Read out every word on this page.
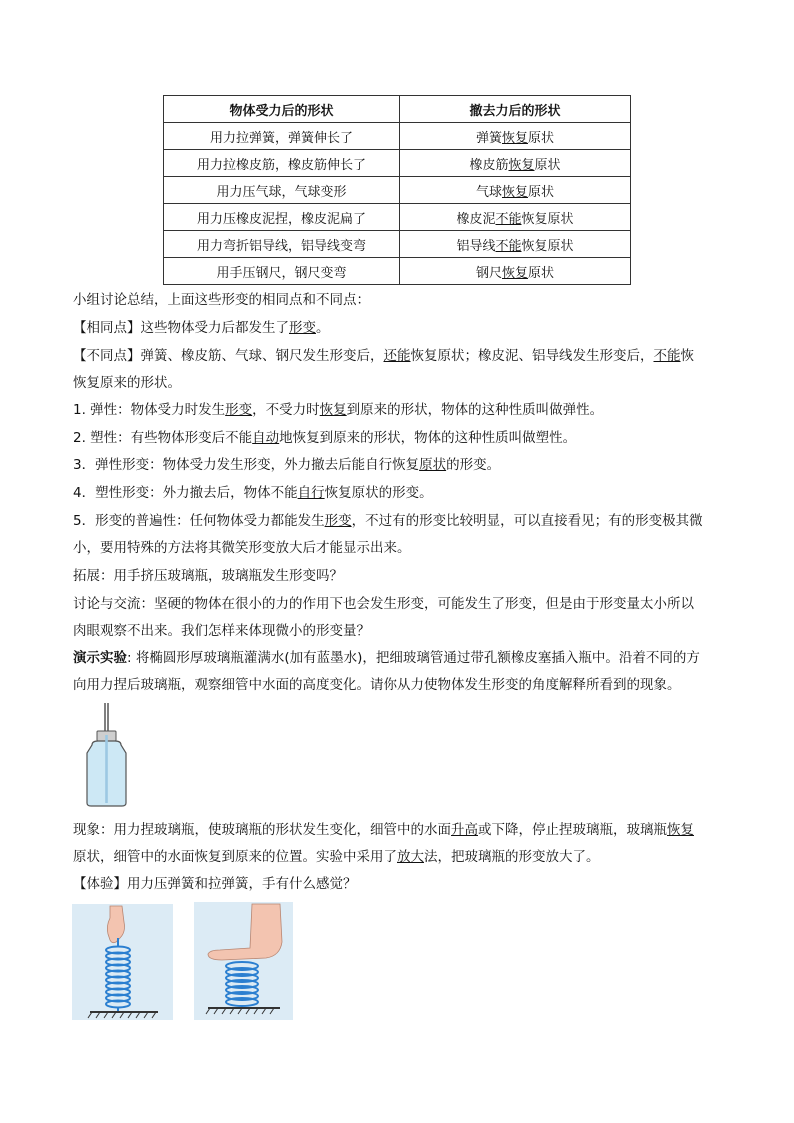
物体受力后的形状	撤去力后的形状
用力拉弹簧，弹簧伸长了	弹簧恢复原状
用力拉橡皮筋，橡皮筋伸长了	橡皮筋恢复原状
用力压气球，气球变形	气球恢复原状
用力压橡皮泥捏，橡皮泥扁了	橡皮泥不能恢复原状
用力弯折铝导线，铝导线变弯	铝导线不能恢复原状
用手压钢尺，钢尺变弯	钢尺恢复原状

小组讨论总结，上面这些形变的相同点和不同点：

【相同点】这些物体受力后都发生了形变。

【不同点】弹簧、橡皮筋、气球、钢尺发生形变后，还能恢复原状；橡皮泥、铝导线发生形变后，不能恢
恢复原来的形状。

1. 弹性：物体受力时发生形变，不受力时恢复到原来的形状，物体的这种性质叫做弹性。

2. 塑性：有些物体形变后不能自动地恢复到原来的形状，物体的这种性质叫做塑性。

3．弹性形变：物体受力发生形变，外力撤去后能自行恢复原状的形变。

4．塑性形变：外力撤去后，物体不能自行恢复原状的形变。

5．形变的普遍性：任何物体受力都能发生形变，不过有的形变比较明显，可以直接看见；有的形变极其微
小，要用特殊的方法将其微笑形变放大后才能显示出来。

拓展：用手挤压玻璃瓶，玻璃瓶发生形变吗？

讨论与交流：坚硬的物体在很小的力的作用下也会发生形变，可能发生了形变，但是由于形变量太小所以
肉眼观察不出来。我们怎样来体现微小的形变量？

演示实验: 将椭圆形厚玻璃瓶灌满水(加有蓝墨水)，把细玻璃管通过带孔额橡皮塞插入瓶中。沿着不同的方
向用力捏后玻璃瓶，观察细管中水面的高度变化。请你从力使物体发生形变的角度解释所看到的现象。

现象：用力捏玻璃瓶，使玻璃瓶的形状发生变化，细管中的水面升高或下降，停止捏玻璃瓶，玻璃瓶恢复
原状，细管中的水面恢复到原来的位置。实验中采用了放大法，把玻璃瓶的形变放大了。

【体验】用力压弹簧和拉弹簧，手有什么感觉？
